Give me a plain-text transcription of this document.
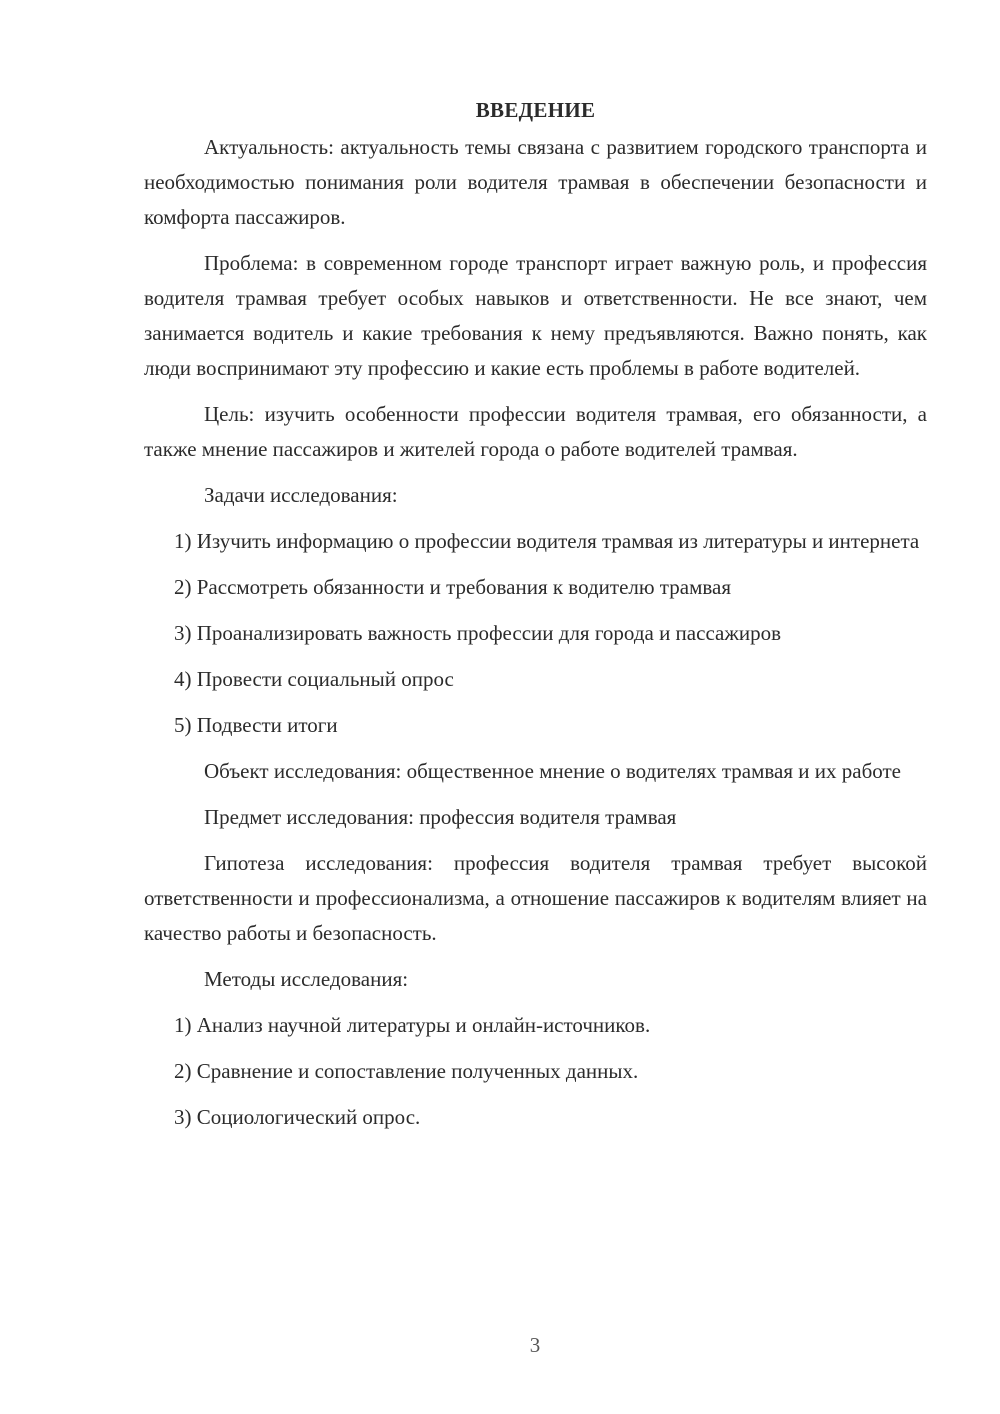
ВВЕДЕНИЕ

Актуальность: актуальность темы связана с развитием городского транспорта и необходимостью понимания роли водителя трамвая в обеспечении безопасности и комфорта пассажиров.

Проблема: в современном городе транспорт играет важную роль, и профессия водителя трамвая требует особых навыков и ответственности. Не все знают, чем занимается водитель и какие требования к нему предъявляются. Важно понять, как люди воспринимают эту профессию и какие есть проблемы в работе водителей.

Цель: изучить особенности профессии водителя трамвая, его обязанности, а также мнение пассажиров и жителей города о работе водителей трамвая.

Задачи исследования:

1) Изучить информацию о профессии водителя трамвая из литературы и интернета

2) Рассмотреть обязанности и требования к водителю трамвая

3) Проанализировать важность профессии для города и пассажиров

4) Провести социальный опрос

5) Подвести итоги

Объект исследования: общественное мнение о водителях трамвая и их работе

Предмет исследования: профессия водителя трамвая

Гипотеза исследования: профессия водителя трамвая требует высокой ответственности и профессионализма, а отношение пассажиров к водителям влияет на качество работы и безопасность.

Методы исследования:

1) Анализ научной литературы и онлайн-источников.

2) Сравнение и сопоставление полученных данных.

3) Социологический опрос.

3
